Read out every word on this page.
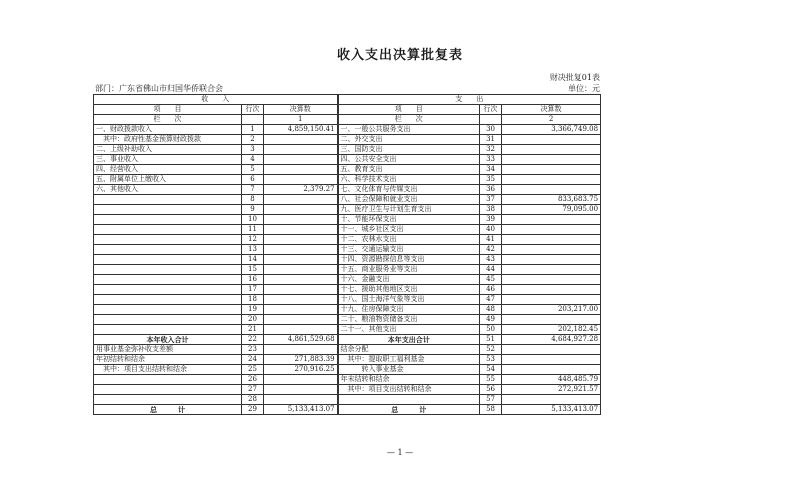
收入支出决算批复表
财决批复01表
部门：广东省佛山市归国华侨联合会	单位：元
收　　入			支　　出		
项　　目	行次	决算数	项　　目	行次	决算数
栏　　次		1	栏　　次		2
一、财政拨款收入	1	4,859,150.41	一、一般公共服务支出	30	3,366,749.08
　其中：政府性基金预算财政拨款	2		二、外交支出	31	
二、上级补助收入	3		三、国防支出	32	
三、事业收入	4		四、公共安全支出	33	
四、经营收入	5		五、教育支出	34	
五、附属单位上缴收入	6		六、科学技术支出	35	
六、其他收入	7	2,379.27	七、文化体育与传媒支出	36	
	8		八、社会保障和就业支出	37	833,683.75
	9		九、医疗卫生与计划生育支出	38	79,095.00
	10		十、节能环保支出	39	
	11		十一、城乡社区支出	40	
	12		十二、农林水支出	41	
	13		十三、交通运输支出	42	
	14		十四、资源勘探信息等支出	43	
	15		十五、商业服务业等支出	44	
	16		十六、金融支出	45	
	17		十七、援助其他地区支出	46	
	18		十八、国土海洋气象等支出	47	
	19		十九、住房保障支出	48	203,217.00
	20		二十、粮油物资储备支出	49	
	21		二十一、其他支出	50	202,182.45
本年收入合计	22	4,861,529.68	本年支出合计	51	4,684,927.28
用事业基金弥补收支差额	23		结余分配	52	
年初结转和结余	24	271,883.39	　其中：提取职工福利基金	53	
　其中：项目支出结转和结余	25	270,916.25	　　　转入事业基金	54	
	26		年末结转和结余	55	448,485.79
	27		　其中：项目支出结转和结余	56	272,921.57
	28			57	
总　　　计	29	5,133,413.07	总　　　计	58	5,133,413.07
— 1 —
